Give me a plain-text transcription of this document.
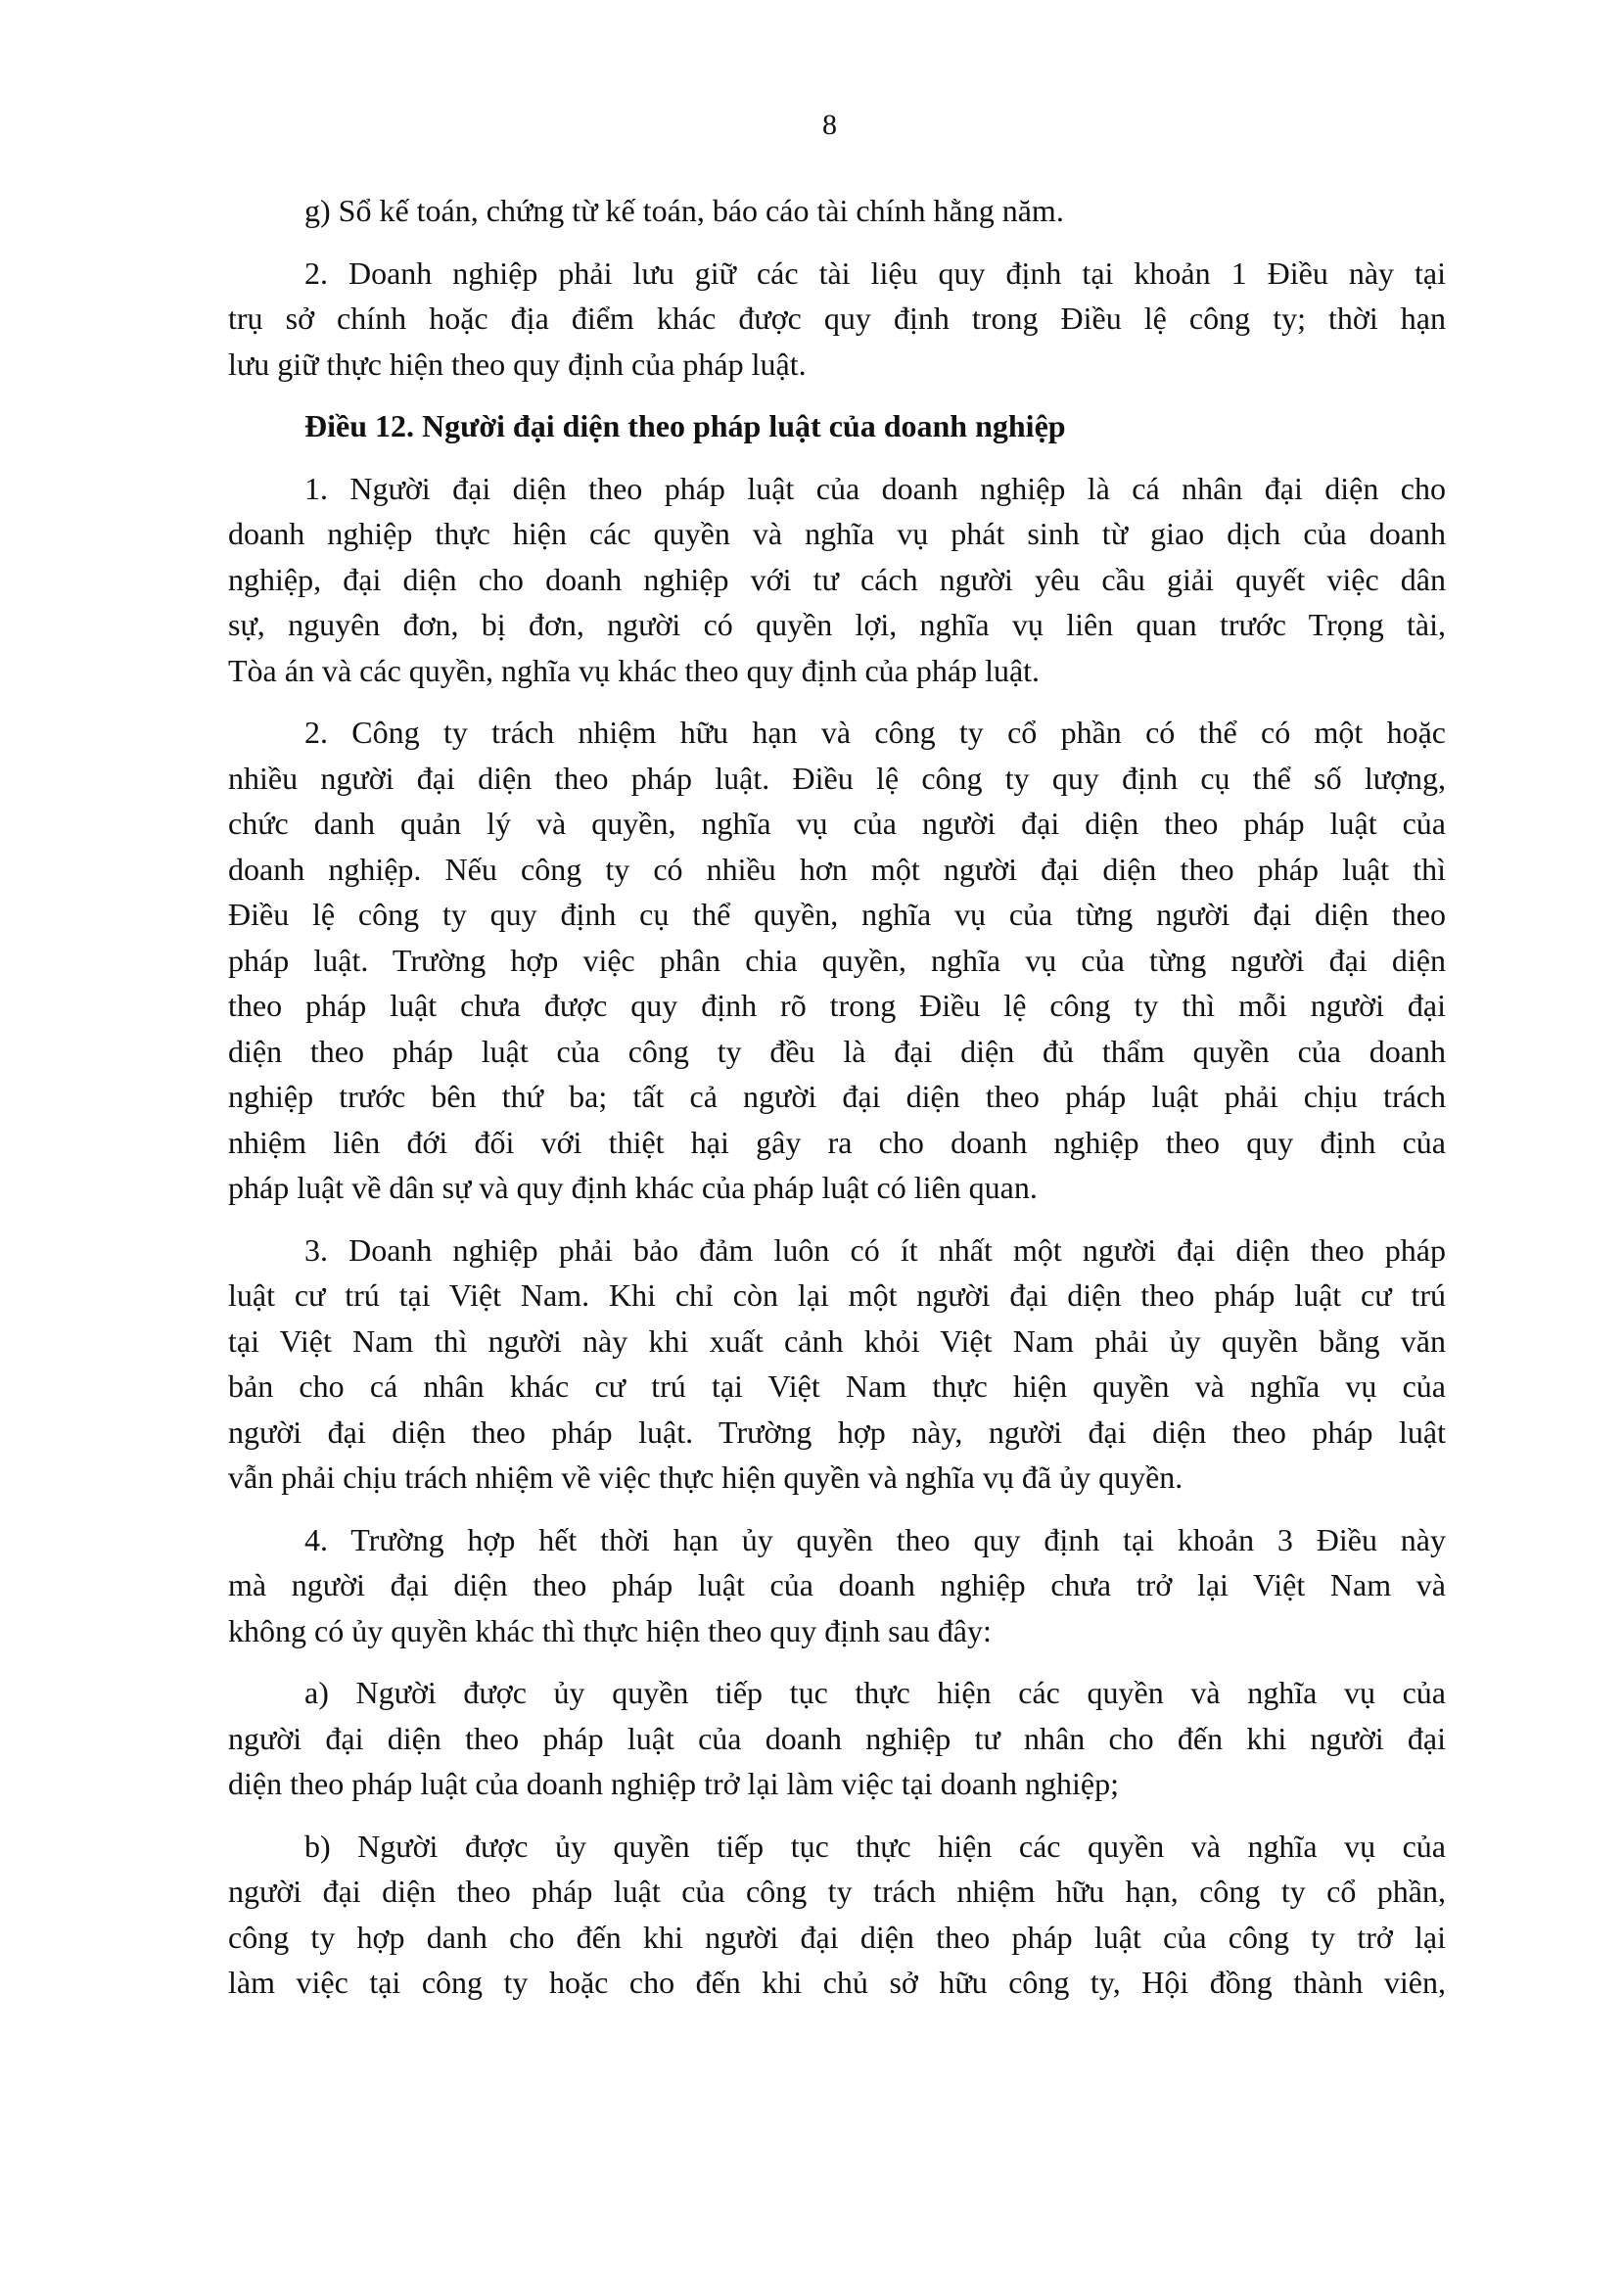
8
g) Sổ kế toán, chứng từ kế toán, báo cáo tài chính hằng năm.
2. Doanh nghiệp phải lưu giữ các tài liệu quy định tại khoản 1 Điều này tại
trụ sở chính hoặc địa điểm khác được quy định trong Điều lệ công ty; thời hạn
lưu giữ thực hiện theo quy định của pháp luật.
Điều 12. Người đại diện theo pháp luật của doanh nghiệp
1. Người đại diện theo pháp luật của doanh nghiệp là cá nhân đại diện cho
doanh nghiệp thực hiện các quyền và nghĩa vụ phát sinh từ giao dịch của doanh
nghiệp, đại diện cho doanh nghiệp với tư cách người yêu cầu giải quyết việc dân
sự, nguyên đơn, bị đơn, người có quyền lợi, nghĩa vụ liên quan trước Trọng tài,
Tòa án và các quyền, nghĩa vụ khác theo quy định của pháp luật.
2. Công ty trách nhiệm hữu hạn và công ty cổ phần có thể có một hoặc
nhiều người đại diện theo pháp luật. Điều lệ công ty quy định cụ thể số lượng,
chức danh quản lý và quyền, nghĩa vụ của người đại diện theo pháp luật của
doanh nghiệp. Nếu công ty có nhiều hơn một người đại diện theo pháp luật thì
Điều lệ công ty quy định cụ thể quyền, nghĩa vụ của từng người đại diện theo
pháp luật. Trường hợp việc phân chia quyền, nghĩa vụ của từng người đại diện
theo pháp luật chưa được quy định rõ trong Điều lệ công ty thì mỗi người đại
diện theo pháp luật của công ty đều là đại diện đủ thẩm quyền của doanh
nghiệp trước bên thứ ba; tất cả người đại diện theo pháp luật phải chịu trách
nhiệm liên đới đối với thiệt hại gây ra cho doanh nghiệp theo quy định của
pháp luật về dân sự và quy định khác của pháp luật có liên quan.
3. Doanh nghiệp phải bảo đảm luôn có ít nhất một người đại diện theo pháp
luật cư trú tại Việt Nam. Khi chỉ còn lại một người đại diện theo pháp luật cư trú
tại Việt Nam thì người này khi xuất cảnh khỏi Việt Nam phải ủy quyền bằng văn
bản cho cá nhân khác cư trú tại Việt Nam thực hiện quyền và nghĩa vụ của
người đại diện theo pháp luật. Trường hợp này, người đại diện theo pháp luật
vẫn phải chịu trách nhiệm về việc thực hiện quyền và nghĩa vụ đã ủy quyền.
4. Trường hợp hết thời hạn ủy quyền theo quy định tại khoản 3 Điều này
mà người đại diện theo pháp luật của doanh nghiệp chưa trở lại Việt Nam và
không có ủy quyền khác thì thực hiện theo quy định sau đây:
a) Người được ủy quyền tiếp tục thực hiện các quyền và nghĩa vụ của
người đại diện theo pháp luật của doanh nghiệp tư nhân cho đến khi người đại
diện theo pháp luật của doanh nghiệp trở lại làm việc tại doanh nghiệp;
b) Người được ủy quyền tiếp tục thực hiện các quyền và nghĩa vụ của
người đại diện theo pháp luật của công ty trách nhiệm hữu hạn, công ty cổ phần,
công ty hợp danh cho đến khi người đại diện theo pháp luật của công ty trở lại
làm việc tại công ty hoặc cho đến khi chủ sở hữu công ty, Hội đồng thành viên,
